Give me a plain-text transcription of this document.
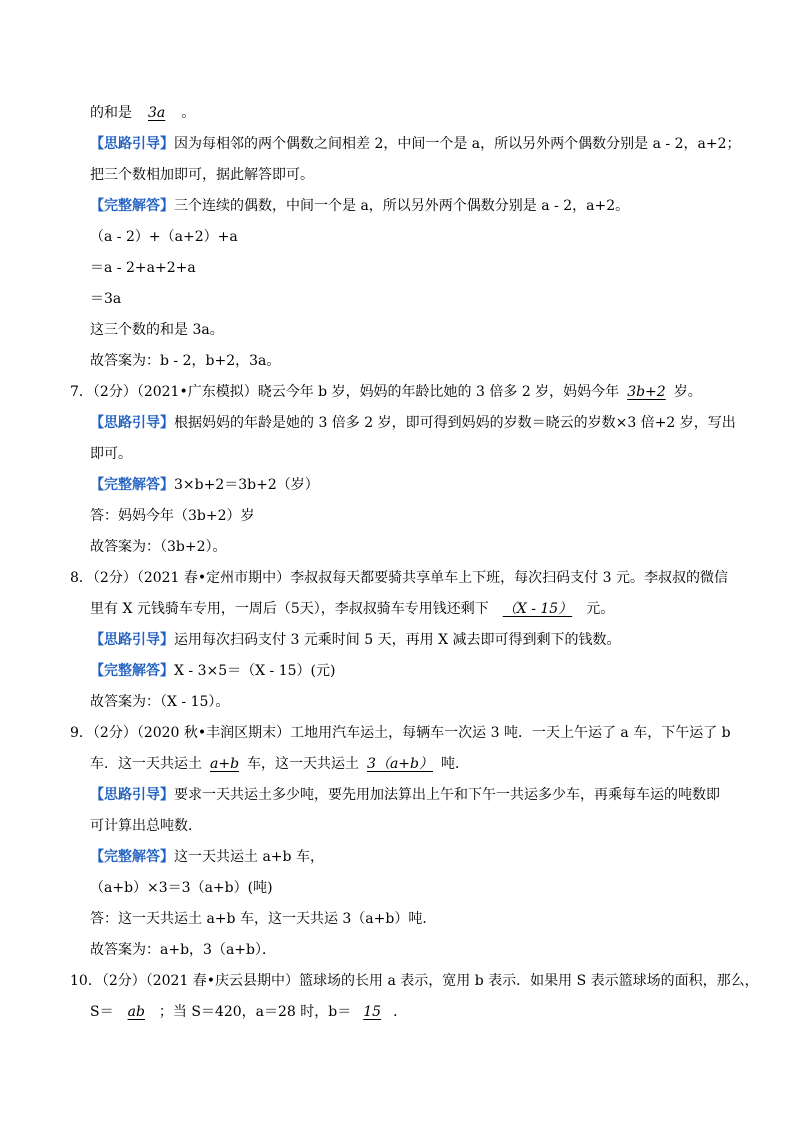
的和是 3a 。
【思路引导】因为每相邻的两个偶数之间相差 2，中间一个是 a，所以另外两个偶数分别是 a - 2，a+2；
把三个数相加即可，据此解答即可。
【完整解答】三个连续的偶数，中间一个是 a，所以另外两个偶数分别是 a - 2，a+2。
（a - 2）+（a+2）+a
＝a - 2+a+2+a
＝3a
这三个数的和是 3a。
故答案为：b - 2，b+2，3a。
7．（2分）（2021•广东模拟）晓云今年 b 岁，妈妈的年龄比她的 3 倍多 2 岁，妈妈今年 3b+2 岁。
【思路引导】根据妈妈的年龄是她的 3 倍多 2 岁，即可得到妈妈的岁数＝晓云的岁数×3 倍+2 岁，写出
即可。
【完整解答】3×b+2＝3b+2（岁）
答：妈妈今年（3b+2）岁
故答案为：（3b+2）。
8．（2分）（2021 春•定州市期中）李叔叔每天都要骑共享单车上下班，每次扫码支付 3 元。李叔叔的微信
里有 X 元钱骑车专用，一周后（5天），李叔叔骑车专用钱还剩下 （X - 15） 元。
【思路引导】运用每次扫码支付 3 元乘时间 5 天，再用 X 减去即可得到剩下的钱数。
【完整解答】X - 3×5＝（X - 15）(元)
故答案为：（X - 15）。
9．（2分）（2020 秋•丰润区期末）工地用汽车运土，每辆车一次运 3 吨．一天上午运了 a 车，下午运了 b
车．这一天共运土 a+b 车，这一天共运土 3（a+b） 吨．
【思路引导】要求一天共运土多少吨，要先用加法算出上午和下午一共运多少车，再乘每车运的吨数即
可计算出总吨数．
【完整解答】这一天共运土 a+b 车，
（a+b）×3＝3（a+b）(吨)
答：这一天共运土 a+b 车，这一天共运 3（a+b）吨．
故答案为：a+b，3（a+b）．
10．（2分）（2021 春•庆云县期中）篮球场的长用 a 表示，宽用 b 表示．如果用 S 表示篮球场的面积，那么，
S＝ ab ；当 S＝420，a＝28 时，b＝ 15 ．
